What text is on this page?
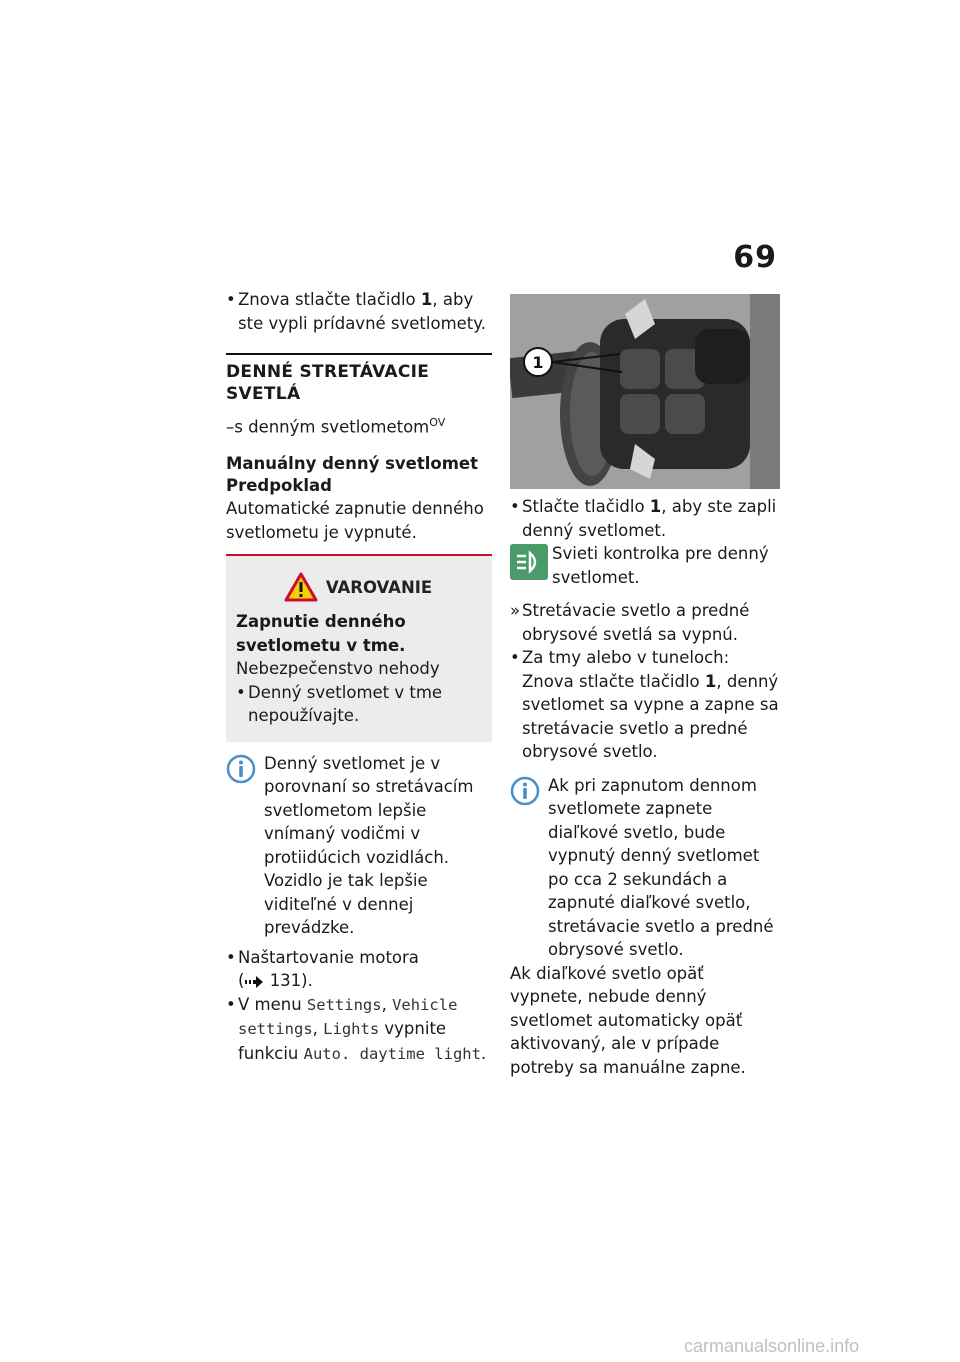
69

• Znova stlačte tlačidlo 1, aby ste vypli prídavné svetlomety.

DENNÉ STRETÁVACIE SVETLÁ

–s denným svetlometom$^{OV}$

Manuálny denný svetlomet
Predpoklad

Automatické zapnutie denného svetlometu je vypnuté.

VAROVANIE

Zapnutie denného svetlometu v tme.

Nebezpečenstvo nehody

• Denný svetlomet v tme nepoužívajte.

Denný svetlomet je v porovnaní so stretávacím svetlometom lepšie vnímaný vodičmi v protiidúcich vozidlách. Vozidlo je tak lepšie viditeľné v dennej prevádzke.

• Naštartovanie motora
( 131).

• V menu Settings, Vehicle settings, Lights vypnite funkciu Auto. daytime light.

1

• Stlačte tlačidlo 1, aby ste zapli denný svetlomet.

Svieti kontrolka pre denný svetlomet.

» Stretávacie svetlo a predné obrysové svetlá sa vypnú.

• Za tmy alebo v tuneloch:

Znova stlačte tlačidlo 1, denný svetlomet sa vypne a zapne sa stretávacie svetlo a predné obrysové svetlo.

Ak pri zapnutom dennom svetlomete zapnete diaľkové svetlo, bude vypnutý denný svetlomet po cca 2 sekundách a zapnuté diaľkové svetlo, stretávacie svetlo a predné obrysové svetlo.

Ak diaľkové svetlo opäť vypnete, nebude denný svetlomet automaticky opäť aktivovaný, ale v prípade potreby sa manuálne zapne.

carmanualsonline.info
